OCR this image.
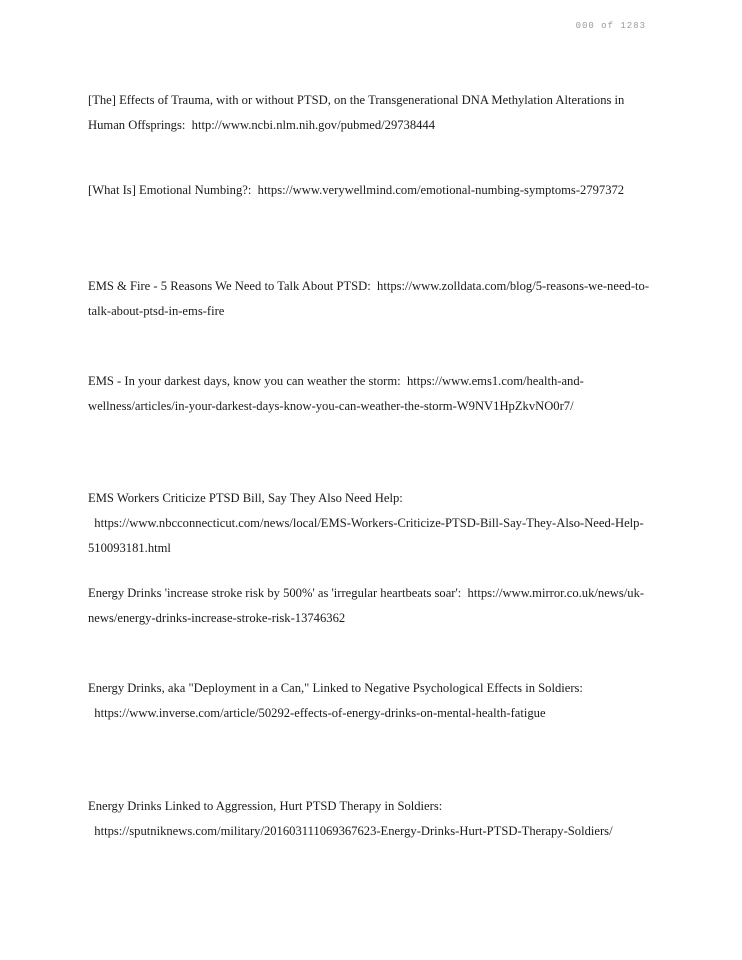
000 of 1283

[The] Effects of Trauma, with or without PTSD, on the Transgenerational DNA Methylation Alterations in Human Offsprings: http://www.ncbi.nlm.nih.gov/pubmed/29738444

[What Is] Emotional Numbing?: https://www.verywellmind.com/emotional-numbing-symptoms-2797372

EMS & Fire - 5 Reasons We Need to Talk About PTSD: https://www.zolldata.com/blog/5-reasons-we-need-to-talk-about-ptsd-in-ems-fire

EMS - In your darkest days, know you can weather the storm: https://www.ems1.com/health-and-wellness/articles/in-your-darkest-days-know-you-can-weather-the-storm-W9NV1HpZkvNO0r7/

EMS Workers Criticize PTSD Bill, Say They Also Need Help:  https://www.nbcconnecticut.com/news/local/EMS-Workers-Criticize-PTSD-Bill-Say-They-Also-Need-Help-510093181.html

Energy Drinks 'increase stroke risk by 500%' as 'irregular heartbeats soar': https://www.mirror.co.uk/news/uk-news/energy-drinks-increase-stroke-risk-13746362

Energy Drinks, aka "Deployment in a Can," Linked to Negative Psychological Effects in Soldiers:  https://www.inverse.com/article/50292-effects-of-energy-drinks-on-mental-health-fatigue

Energy Drinks Linked to Aggression, Hurt PTSD Therapy in Soldiers:  https://sputniknews.com/military/201603111069367623-Energy-Drinks-Hurt-PTSD-Therapy-Soldiers/
